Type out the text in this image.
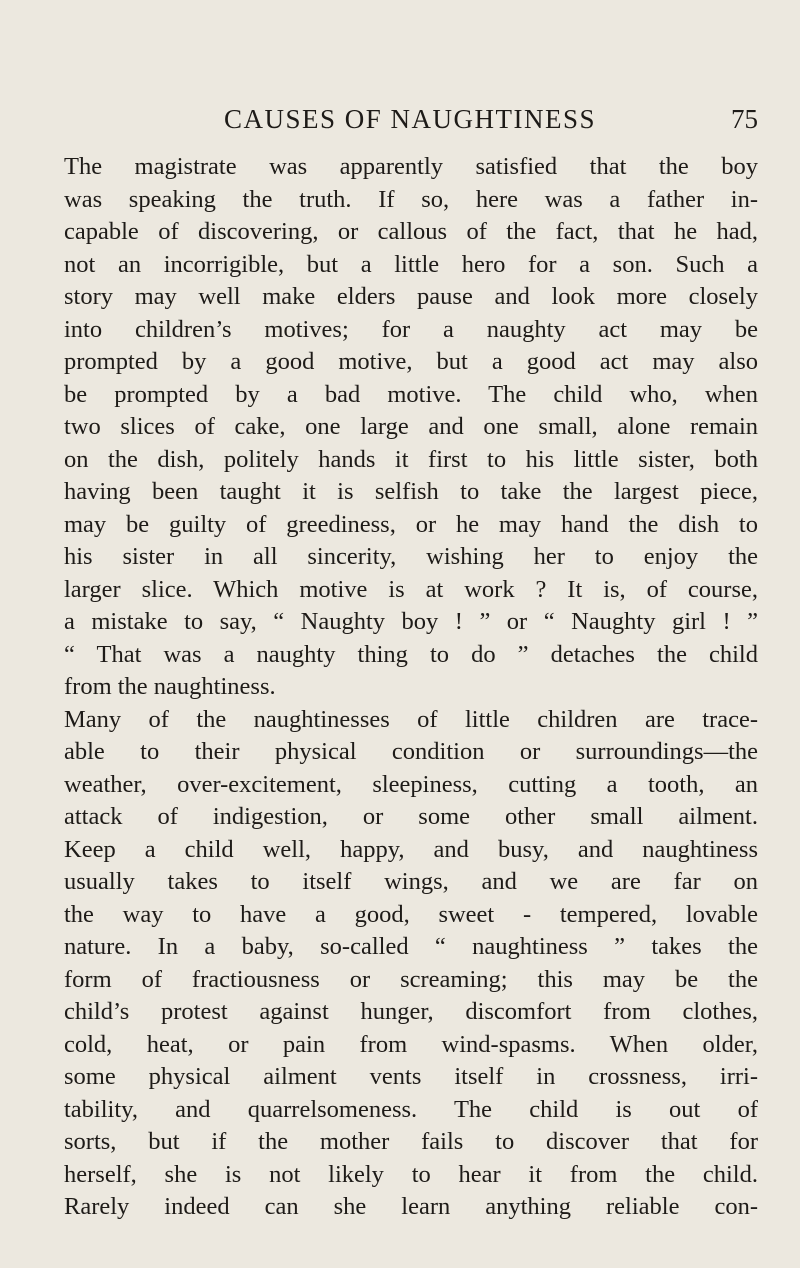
CAUSES OF NAUGHTINESS	75
The magistrate was apparently satisfied that the boy
was speaking the truth. If so, here was a father in-
capable of discovering, or callous of the fact, that he had,
not an incorrigible, but a little hero for a son. Such a
story may well make elders pause and look more closely
into children’s motives; for a naughty act may be
prompted by a good motive, but a good act may also
be prompted by a bad motive. The child who, when
two slices of cake, one large and one small, alone remain
on the dish, politely hands it first to his little sister, both
having been taught it is selfish to take the largest piece,
may be guilty of greediness, or he may hand the dish to
his sister in all sincerity, wishing her to enjoy the
larger slice. Which motive is at work ? It is, of course,
a mistake to say, “ Naughty boy ! ” or “ Naughty girl ! ”
“ That was a naughty thing to do ” detaches the child
from the naughtiness.
Many of the naughtinesses of little children are trace-
able to their physical condition or surroundings—the
weather, over-excitement, sleepiness, cutting a tooth, an
attack of indigestion, or some other small ailment.
Keep a child well, happy, and busy, and naughtiness
usually takes to itself wings, and we are far on
the way to have a good, sweet - tempered, lovable
nature. In a baby, so-called “ naughtiness ” takes the
form of fractiousness or screaming; this may be the
child’s protest against hunger, discomfort from clothes,
cold, heat, or pain from wind-spasms. When older,
some physical ailment vents itself in crossness, irri-
tability, and quarrelsomeness. The child is out of
sorts, but if the mother fails to discover that for
herself, she is not likely to hear it from the child.
Rarely indeed can she learn anything reliable con-
